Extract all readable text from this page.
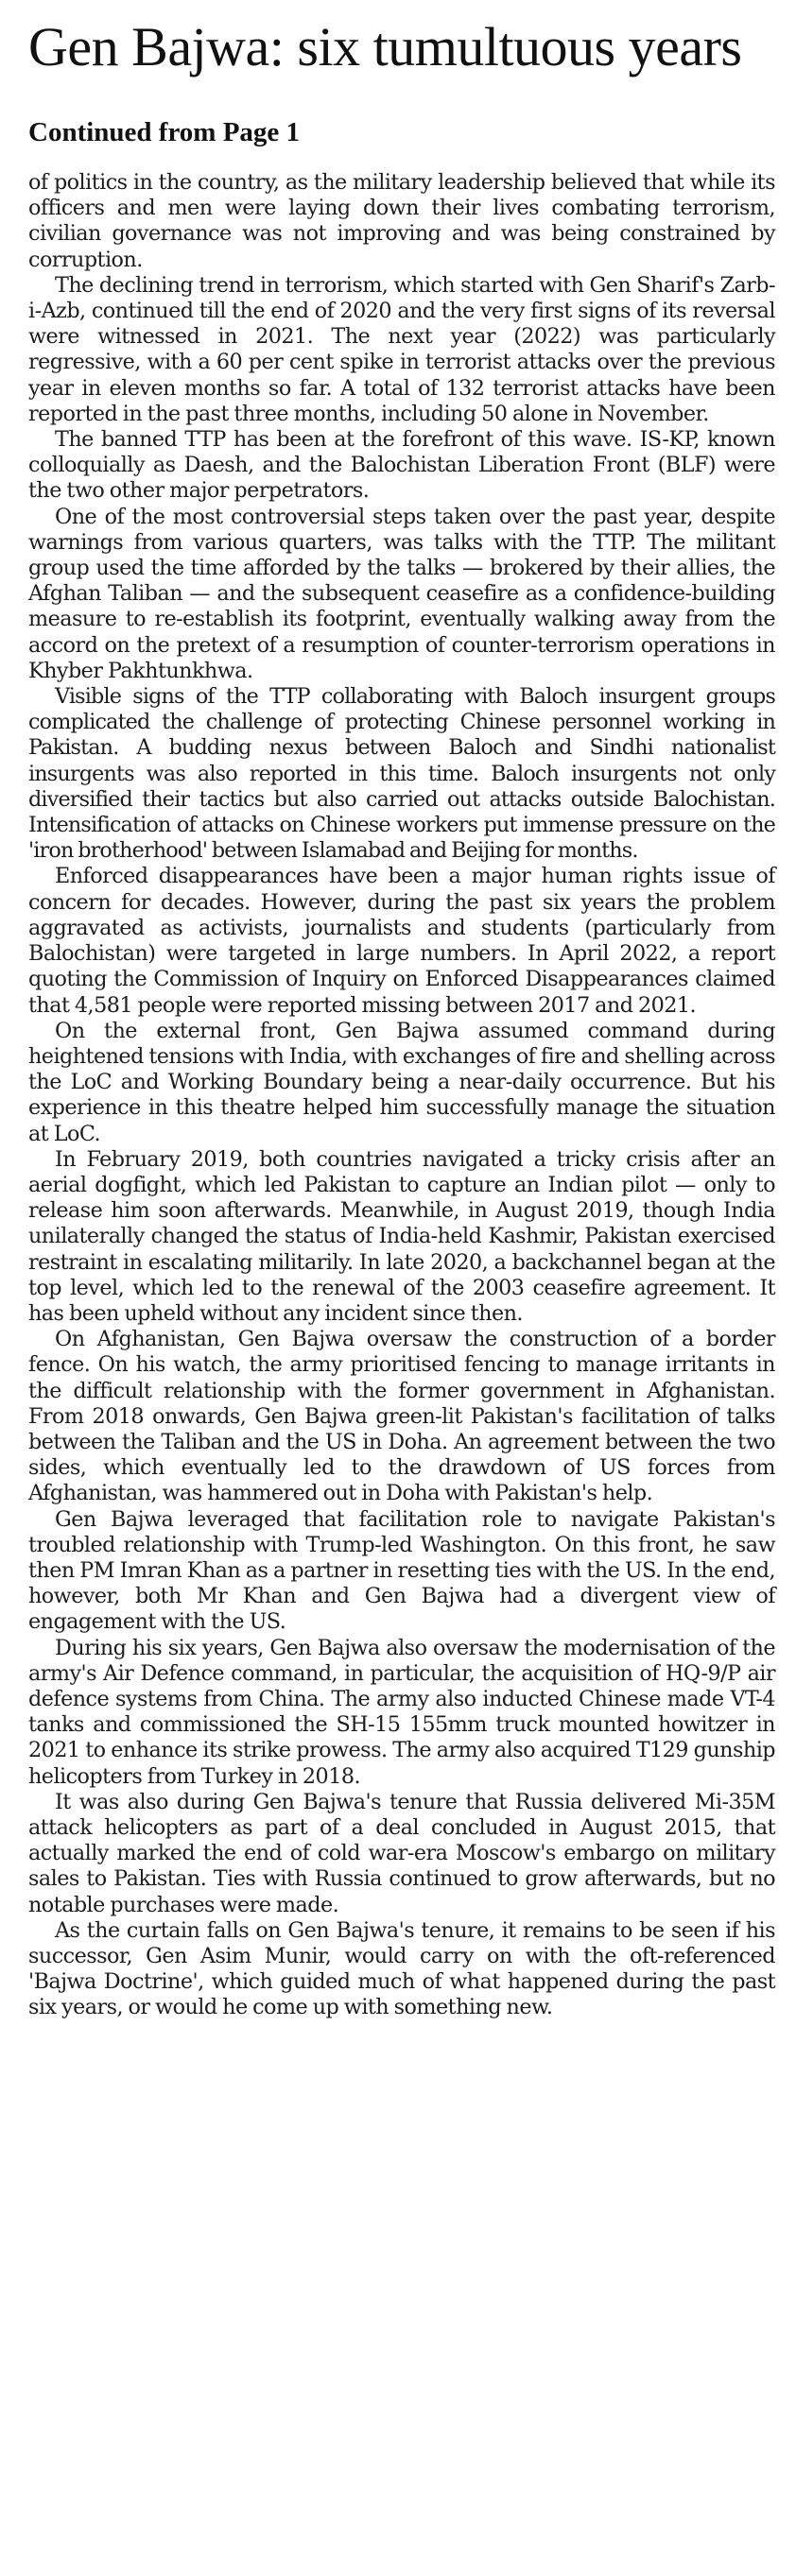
Gen Bajwa: six tumultuous years
Continued from Page 1

of politics in the country, as the military leadership believed that while its officers and men were laying down their lives combating terrorism, civilian governance was not improving and was being constrained by corruption.

The declining trend in terrorism, which started with Gen Sharif's Zarb-i-Azb, continued till the end of 2020 and the very first signs of its reversal were witnessed in 2021. The next year (2022) was particularly regressive, with a 60 per cent spike in terrorist attacks over the previous year in eleven months so far. A total of 132 terrorist attacks have been reported in the past three months, including 50 alone in November.

The banned TTP has been at the forefront of this wave. IS-KP, known colloquially as Daesh, and the Balochistan Liberation Front (BLF) were the two other major perpetrators.

One of the most controversial steps taken over the past year, despite warnings from various quarters, was talks with the TTP. The militant group used the time afforded by the talks — brokered by their allies, the Afghan Taliban — and the subsequent ceasefire as a confidence-building measure to re-establish its footprint, eventually walking away from the accord on the pretext of a resumption of counter-terrorism operations in Khyber Pakhtunkhwa.

Visible signs of the TTP collaborating with Baloch insurgent groups complicated the challenge of protecting Chinese personnel working in Pakistan. A budding nexus between Baloch and Sindhi nationalist insurgents was also reported in this time. Baloch insurgents not only diversified their tactics but also carried out attacks outside Balochistan. Intensification of attacks on Chinese workers put immense pressure on the 'iron brotherhood' between Islamabad and Beijing for months.

Enforced disappearances have been a major human rights issue of concern for decades. However, during the past six years the problem aggravated as activists, journalists and students (particularly from Balochistan) were targeted in large numbers. In April 2022, a report quoting the Commission of Inquiry on Enforced Disappearances claimed that 4,581 people were reported missing between 2017 and 2021.

On the external front, Gen Bajwa assumed command during heightened tensions with India, with exchanges of fire and shelling across the LoC and Working Boundary being a near-daily occurrence. But his experience in this theatre helped him successfully manage the situation at LoC.

In February 2019, both countries navigated a tricky crisis after an aerial dogfight, which led Pakistan to capture an Indian pilot — only to release him soon afterwards. Meanwhile, in August 2019, though India unilaterally changed the status of India-held Kashmir, Pakistan exercised restraint in escalating militarily. In late 2020, a backchannel began at the top level, which led to the renewal of the 2003 ceasefire agreement. It has been upheld without any incident since then.

On Afghanistan, Gen Bajwa oversaw the construction of a border fence. On his watch, the army prioritised fencing to manage irritants in the difficult relationship with the former government in Afghanistan. From 2018 onwards, Gen Bajwa green-lit Pakistan's facilitation of talks between the Taliban and the US in Doha. An agreement between the two sides, which eventually led to the drawdown of US forces from Afghanistan, was hammered out in Doha with Pakistan's help.

Gen Bajwa leveraged that facilitation role to navigate Pakistan's troubled relationship with Trump-led Washington. On this front, he saw then PM Imran Khan as a partner in resetting ties with the US. In the end, however, both Mr Khan and Gen Bajwa had a divergent view of engagement with the US.

During his six years, Gen Bajwa also oversaw the modernisation of the army's Air Defence command, in particular, the acquisition of HQ-9/P air defence systems from China. The army also inducted Chinese made VT-4 tanks and commissioned the SH-15 155mm truck mounted howitzer in 2021 to enhance its strike prowess. The army also acquired T129 gunship helicopters from Turkey in 2018.

It was also during Gen Bajwa's tenure that Russia delivered Mi-35M attack helicopters as part of a deal concluded in August 2015, that actually marked the end of cold war-era Moscow's embargo on military sales to Pakistan. Ties with Russia continued to grow afterwards, but no notable purchases were made.

As the curtain falls on Gen Bajwa's tenure, it remains to be seen if his successor, Gen Asim Munir, would carry on with the oft-referenced 'Bajwa Doctrine', which guided much of what happened during the past six years, or would he come up with something new.
